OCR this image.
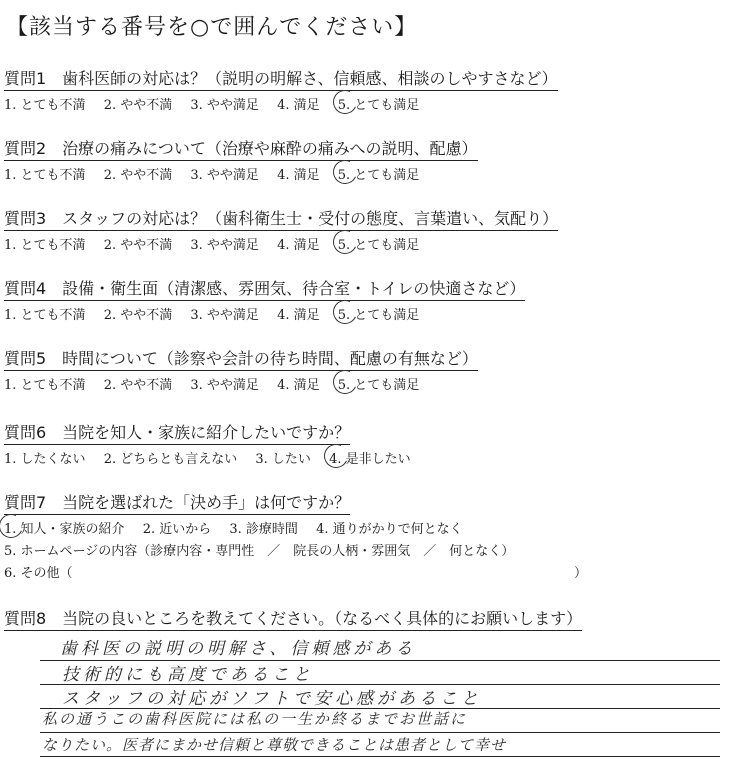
【該当する番号を○で囲んでください】
質問1　歯科医師の対応は？（説明の明解さ、信頼感、相談のしやすさなど）
1. とても不満 2. やや不満 3. やや満足 4. 満足 5. とても満足
質問2　治療の痛みについて（治療や麻酔の痛みへの説明、配慮）
1. とても不満 2. やや不満 3. やや満足 4. 満足 5. とても満足
質問3　スタッフの対応は？（歯科衛生士・受付の態度、言葉遣い、気配り）
1. とても不満 2. やや不満 3. やや満足 4. 満足 5. とても満足
質問4　設備・衛生面（清潔感、雰囲気、待合室・トイレの快適さなど）
1. とても不満 2. やや不満 3. やや満足 4. 満足 5. とても満足
質問5　時間について（診察や会計の待ち時間、配慮の有無など）
1. とても不満 2. やや不満 3. やや満足 4. 満足 5. とても満足
質問6　当院を知人・家族に紹介したいですか？
1. したくない 2. どちらとも言えない 3. したい 4. 是非したい
質問7　当院を選ばれた「決め手」は何ですか？
1. 知人・家族の紹介 2. 近いから 3. 診療時間 4. 通りがかりで何となく
5. ホームページの内容（診療内容・専門性　／　院長の人柄・雰囲気　／　何となく）
6. その他（	）
質問8　当院の良いところを教えてください。（なるべく具体的にお願いします）
歯科医の説明の明解さ、信頼感がある
技術的にも高度であること
スタッフの対応がソフトで安心感があること
私の通うこの歯科医院には私の一生か終るまでお世話に
なりたい。医者にまかせ信頼と尊敬できることは患者として幸せ
